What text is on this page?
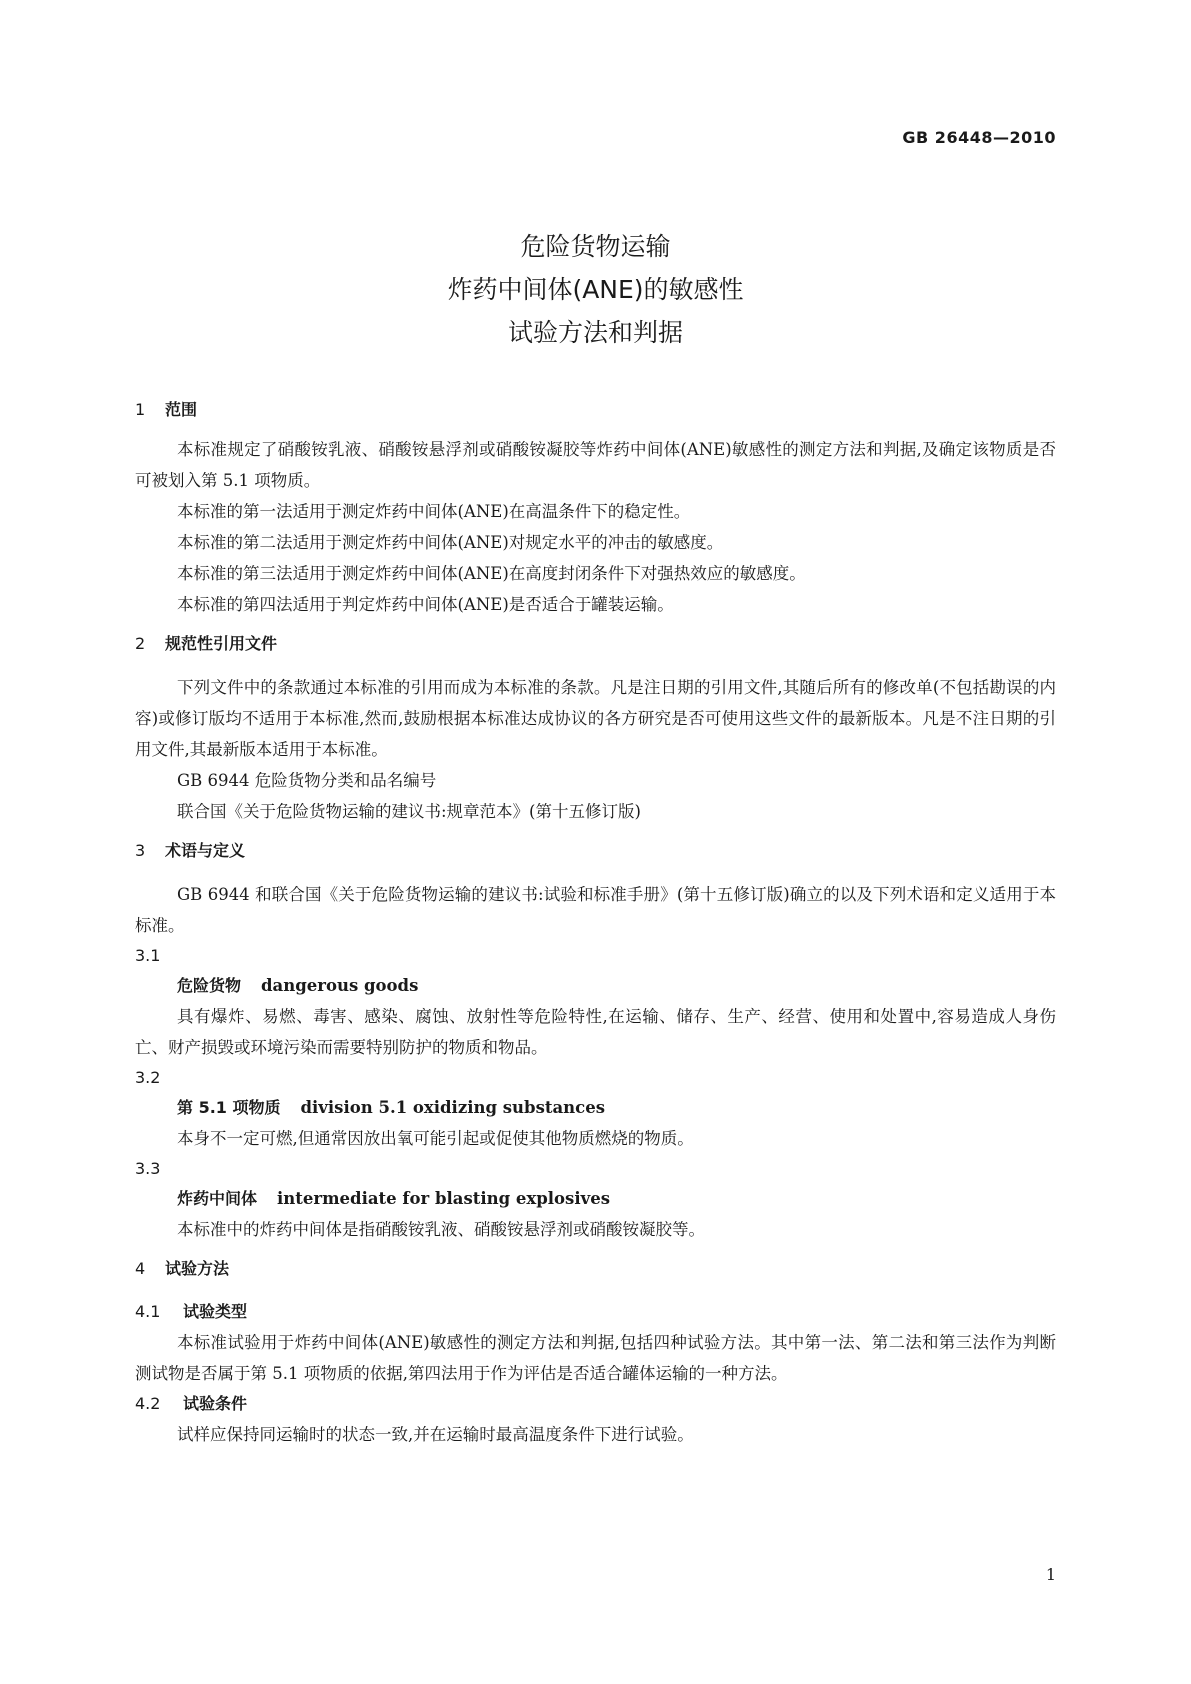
GB 26448—2010
危险货物运输
炸药中间体(ANE)的敏感性
试验方法和判据
1 范围

本标准规定了硝酸铵乳液、硝酸铵悬浮剂或硝酸铵凝胶等炸药中间体(ANE)敏感性的测定方法和判据,及确定该物质是否可被划入第 5.1 项物质。

本标准的第一法适用于测定炸药中间体(ANE)在高温条件下的稳定性。

本标准的第二法适用于测定炸药中间体(ANE)对规定水平的冲击的敏感度。

本标准的第三法适用于测定炸药中间体(ANE)在高度封闭条件下对强热效应的敏感度。

本标准的第四法适用于判定炸药中间体(ANE)是否适合于罐装运输。

2 规范性引用文件

下列文件中的条款通过本标准的引用而成为本标准的条款。凡是注日期的引用文件,其随后所有的修改单(不包括勘误的内容)或修订版均不适用于本标准,然而,鼓励根据本标准达成协议的各方研究是否可使用这些文件的最新版本。凡是不注日期的引用文件,其最新版本适用于本标准。

GB 6944 危险货物分类和品名编号

联合国《关于危险货物运输的建议书:规章范本》(第十五修订版)

3 术语与定义

GB 6944 和联合国《关于危险货物运输的建议书:试验和标准手册》(第十五修订版)确立的以及下列术语和定义适用于本标准。

3.1
危险货物 dangerous goods

具有爆炸、易燃、毒害、感染、腐蚀、放射性等危险特性,在运输、储存、生产、经营、使用和处置中,容易造成人身伤亡、财产损毁或环境污染而需要特别防护的物质和物品。

3.2
第 5.1 项物质 division 5.1 oxidizing substances

本身不一定可燃,但通常因放出氧可能引起或促使其他物质燃烧的物质。

3.3
炸药中间体 intermediate for blasting explosives

本标准中的炸药中间体是指硝酸铵乳液、硝酸铵悬浮剂或硝酸铵凝胶等。

4 试验方法
4.1 试验类型

本标准试验用于炸药中间体(ANE)敏感性的测定方法和判据,包括四种试验方法。其中第一法、第二法和第三法作为判断测试物是否属于第 5.1 项物质的依据,第四法用于作为评估是否适合罐体运输的一种方法。

4.2 试验条件

试样应保持同运输时的状态一致,并在运输时最高温度条件下进行试验。

1
